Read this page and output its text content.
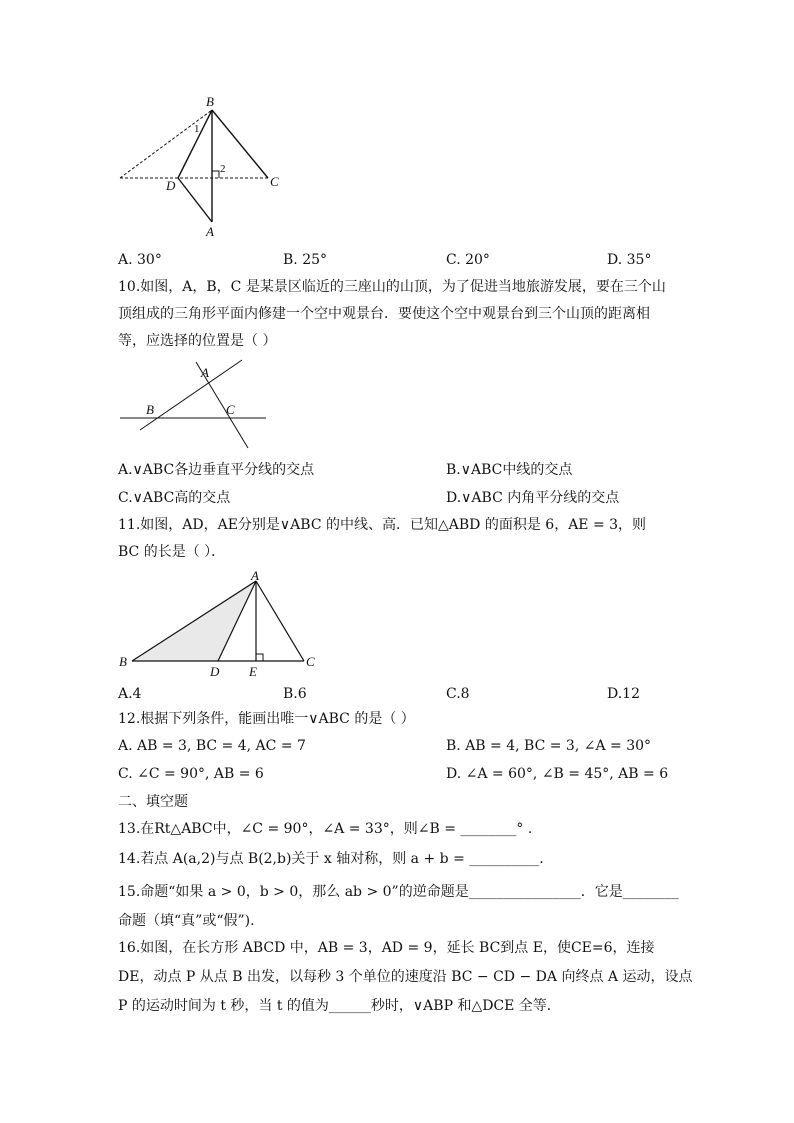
B
D	C
A
1
2
A. 30°	B. 25°	C. 20°	D. 35°
10.如图，A，B，C 是某景区临近的三座山的山顶，为了促进当地旅游发展，要在三个山
顶组成的三角形平面内修建一个空中观景台．要使这个空中观景台到三个山顶的距离相
等，应选择的位置是（ ）
A
B	C
A.∨ABC各边垂直平分线的交点	B.∨ABC中线的交点
C.∨ABC高的交点	D.∨ABC 内角平分线的交点
11.如图，AD，AE分别是∨ABC 的中线、高．已知△ABD 的面积是 6，AE = 3，则
BC 的长是（ ）．
A
B
D E
C
A.4	B.6	C.8	D.12
12.根据下列条件，能画出唯一∨ABC 的是（ ）
A. AB = 3, BC = 4, AC = 7	B. AB = 4, BC = 3, ∠A = 30°
C. ∠C = 90°, AB = 6	D. ∠A = 60°, ∠B = 45°, AB = 6
二、填空题
13.在Rt△ABC中，∠C = 90°，∠A = 33°，则∠B = ________° .
14.若点 A(a,2)与点 B(2,b)关于 x 轴对称，则 a + b = __________.
15.命题“如果 a > 0，b > 0，那么 ab > 0”的逆命题是________________．它是________
命题（填“真”或“假”).
16.如图，在长方形 ABCD 中，AB = 3，AD = 9，延长 BC到点 E，使CE=6，连接
DE，动点 P 从点 B 出发，以每秒 3 个单位的速度沿 BC − CD − DA 向终点 A 运动，设点
P 的运动时间为 t 秒，当 t 的值为______秒时，∨ABP 和△DCE 全等．
